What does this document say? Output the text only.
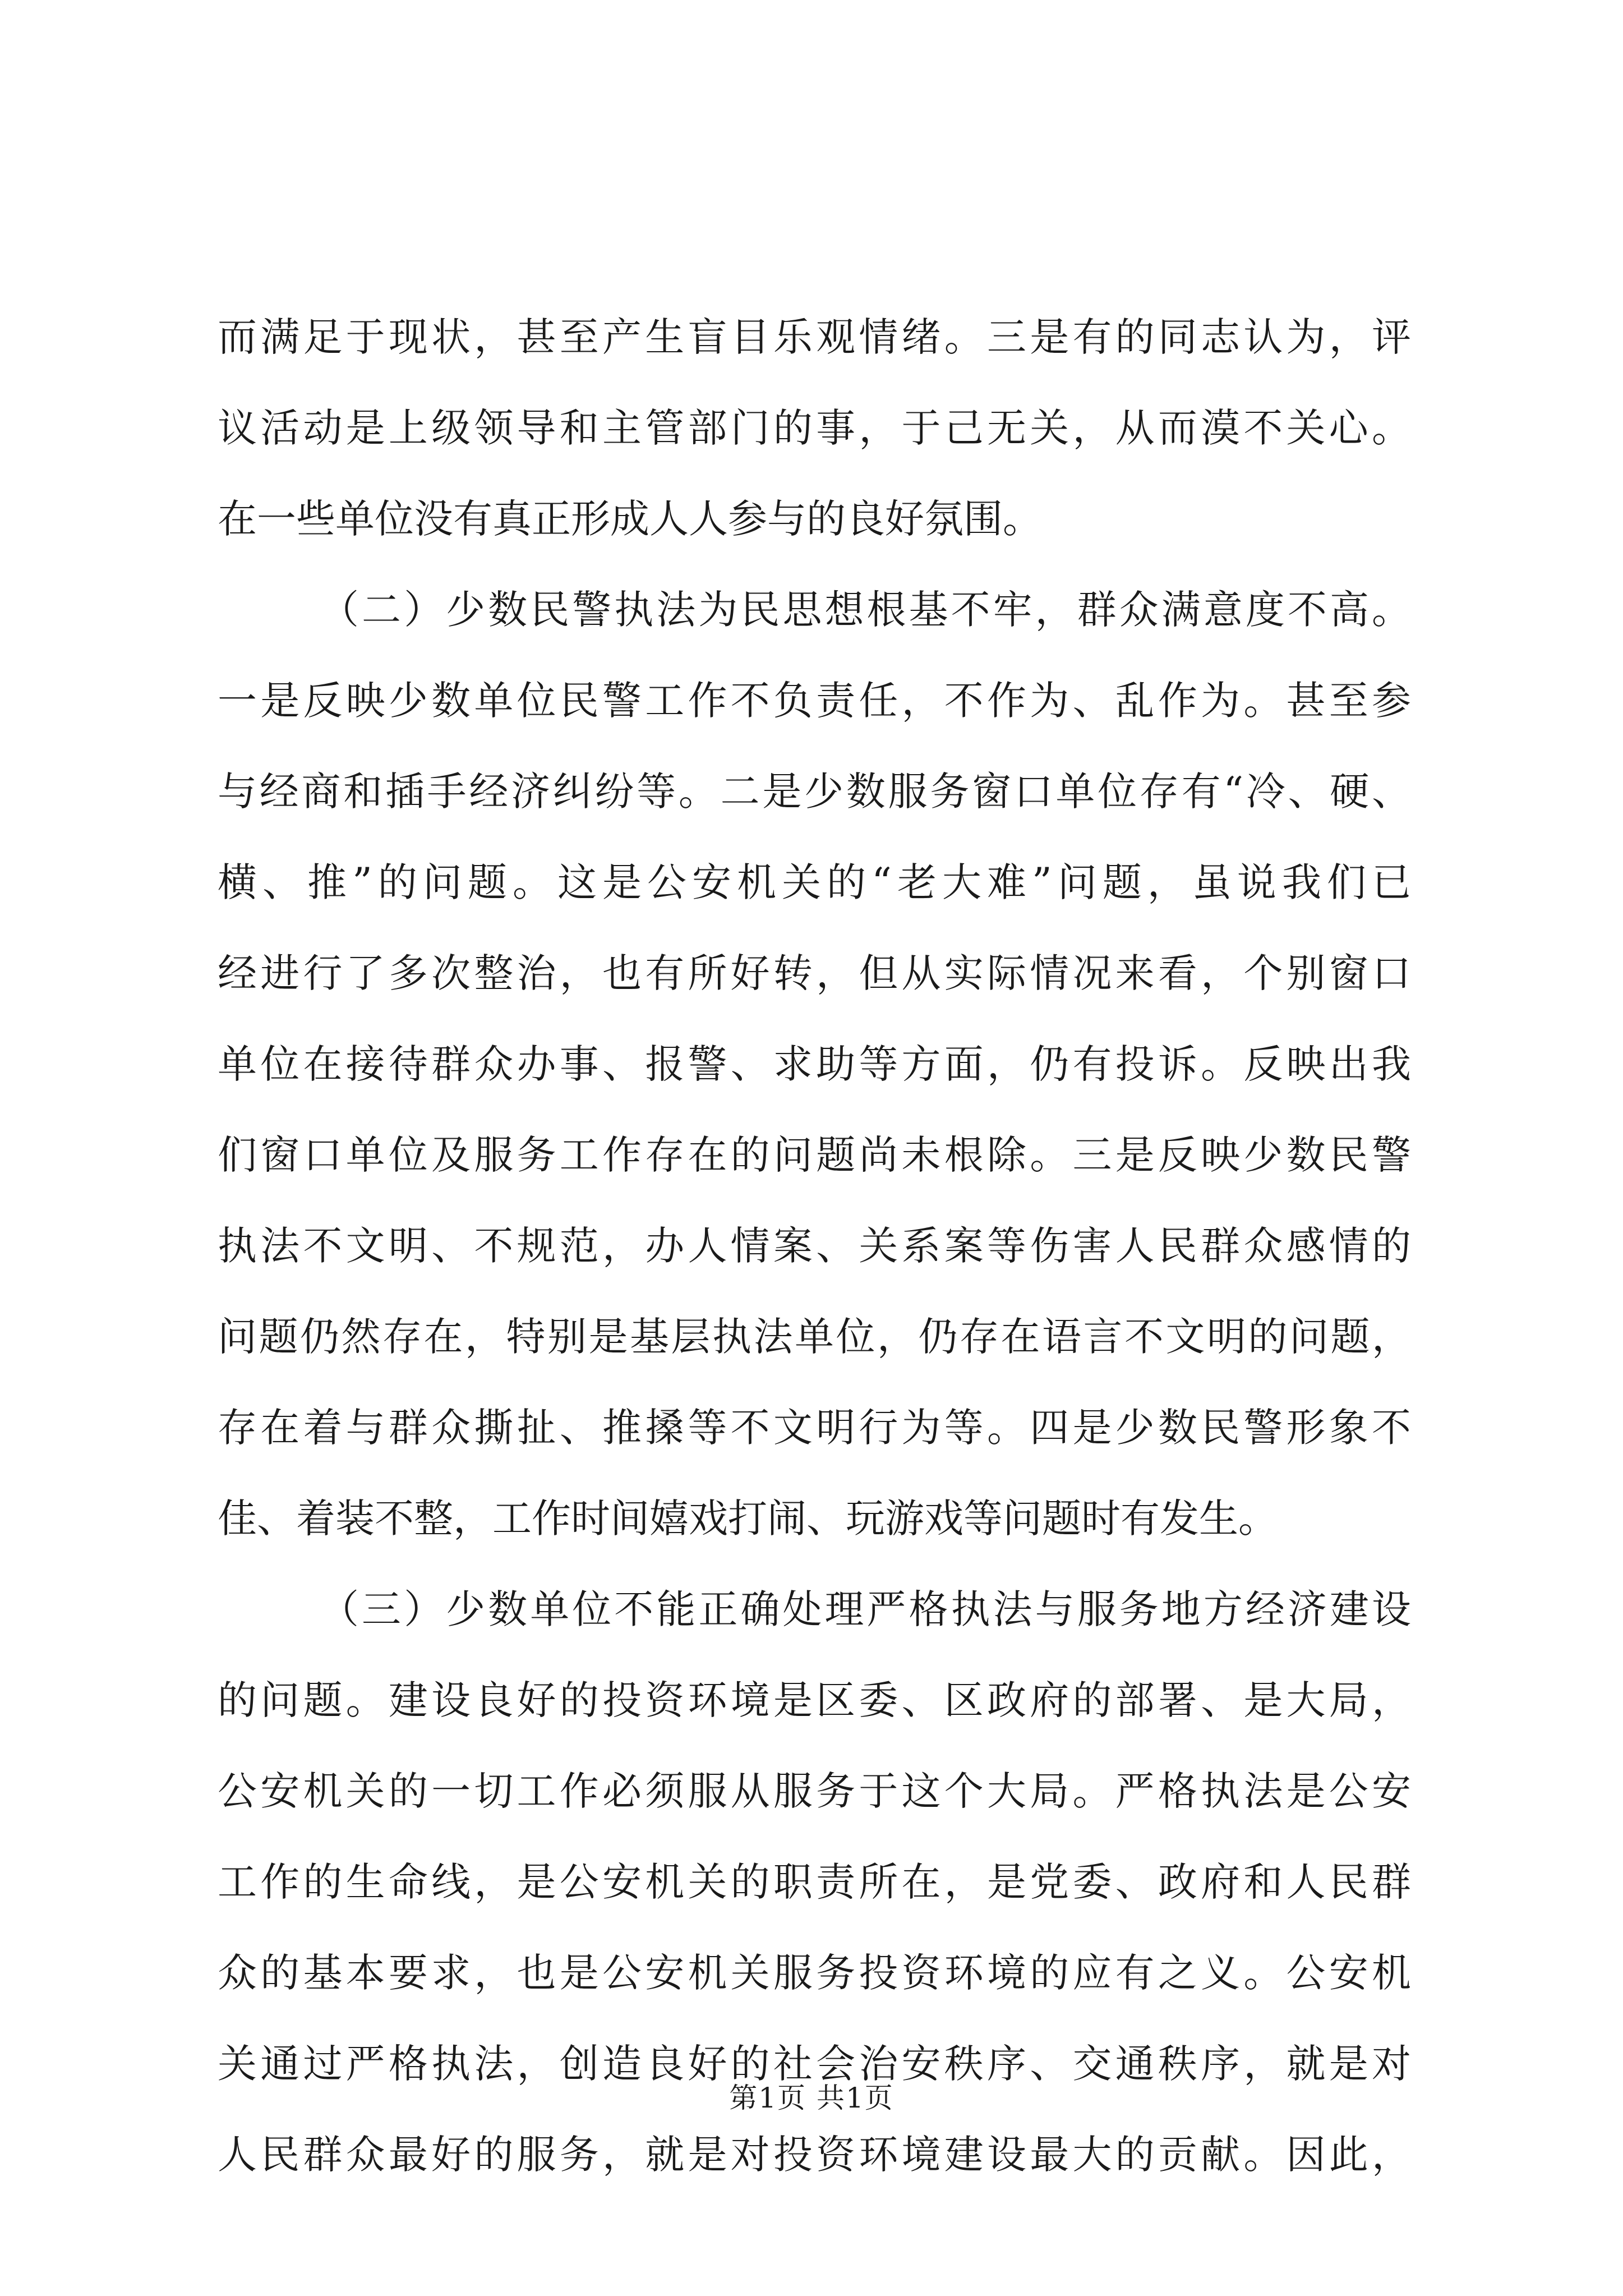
而满足于现状，甚至产生盲目乐观情绪。三是有的同志认为，评
议活动是上级领导和主管部门的事，于己无关，从而漠不关心。
在一些单位没有真正形成人人参与的良好氛围。
（二）少数民警执法为民思想根基不牢，群众满意度不高。
一是反映少数单位民警工作不负责任，不作为、乱作为。甚至参
与经商和插手经济纠纷等。二是少数服务窗口单位存有“冷、硬、
横、推”的问题。这是公安机关的“老大难”问题，虽说我们已
经进行了多次整治，也有所好转，但从实际情况来看，个别窗口
单位在接待群众办事、报警、求助等方面，仍有投诉。反映出我
们窗口单位及服务工作存在的问题尚未根除。三是反映少数民警
执法不文明、不规范，办人情案、关系案等伤害人民群众感情的
问题仍然存在，特别是基层执法单位，仍存在语言不文明的问题，
存在着与群众撕扯、推搡等不文明行为等。四是少数民警形象不
佳、着装不整，工作时间嬉戏打闹、玩游戏等问题时有发生。
（三）少数单位不能正确处理严格执法与服务地方经济建设
的问题。建设良好的投资环境是区委、区政府的部署、是大局，
公安机关的一切工作必须服从服务于这个大局。严格执法是公安
工作的生命线，是公安机关的职责所在，是党委、政府和人民群
众的基本要求，也是公安机关服务投资环境的应有之义。公安机
关通过严格执法，创造良好的社会治安秩序、交通秩序，就是对
人民群众最好的服务，就是对投资环境建设最大的贡献。因此，
第1页 共1页
